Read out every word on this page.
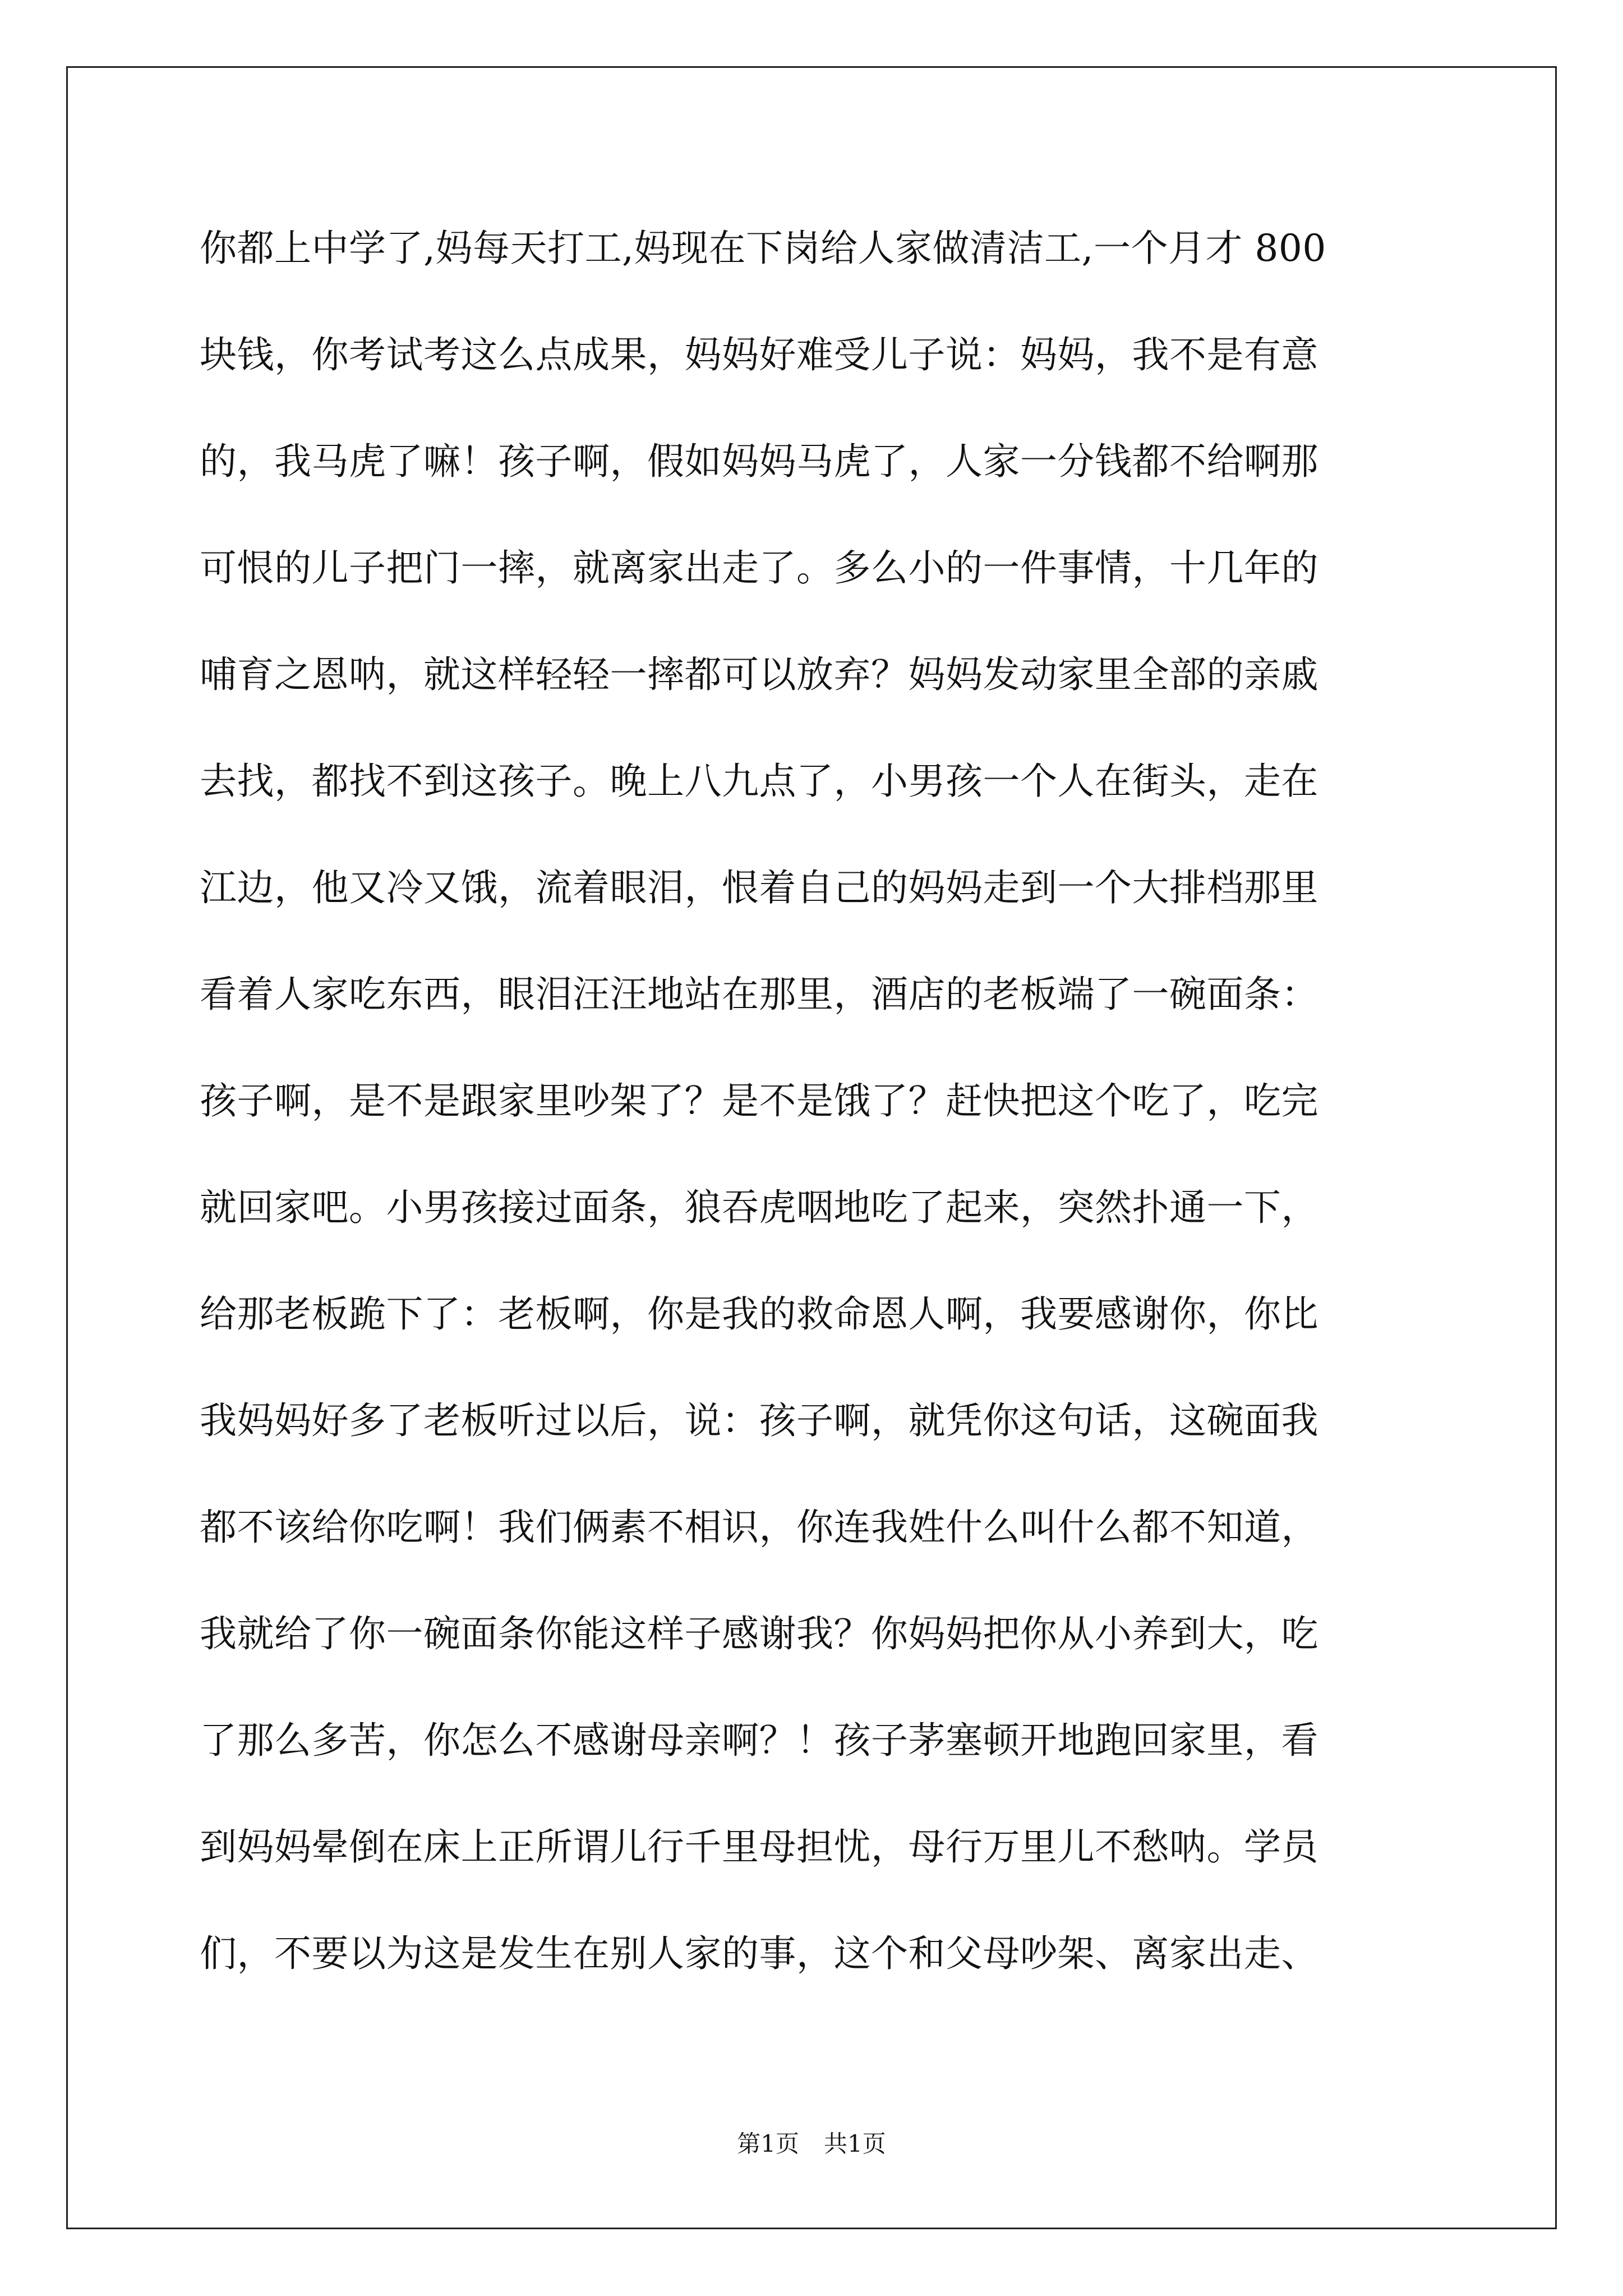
你都上中学了,妈每天打工,妈现在下岗给人家做清洁工,一个月才 800
块钱，你考试考这么点成果，妈妈好难受儿子说：妈妈，我不是有意
的，我马虎了嘛！孩子啊，假如妈妈马虎了，人家一分钱都不给啊那
可恨的儿子把门一摔，就离家出走了。多么小的一件事情，十几年的
哺育之恩呐，就这样轻轻一摔都可以放弃？妈妈发动家里全部的亲戚
去找，都找不到这孩子。晚上八九点了，小男孩一个人在街头，走在
江边，他又冷又饿，流着眼泪，恨着自己的妈妈走到一个大排档那里
看着人家吃东西，眼泪汪汪地站在那里，酒店的老板端了一碗面条：
孩子啊，是不是跟家里吵架了？是不是饿了？赶快把这个吃了，吃完
就回家吧。小男孩接过面条，狼吞虎咽地吃了起来，突然扑通一下，
给那老板跪下了：老板啊，你是我的救命恩人啊，我要感谢你，你比
我妈妈好多了老板听过以后，说：孩子啊，就凭你这句话，这碗面我
都不该给你吃啊！我们俩素不相识，你连我姓什么叫什么都不知道，
我就给了你一碗面条你能这样子感谢我？你妈妈把你从小养到大，吃
了那么多苦，你怎么不感谢母亲啊？！孩子茅塞顿开地跑回家里，看
到妈妈晕倒在床上正所谓儿行千里母担忧，母行万里儿不愁呐。学员
们，不要以为这是发生在别人家的事，这个和父母吵架、离家出走、
第1页 共1页
